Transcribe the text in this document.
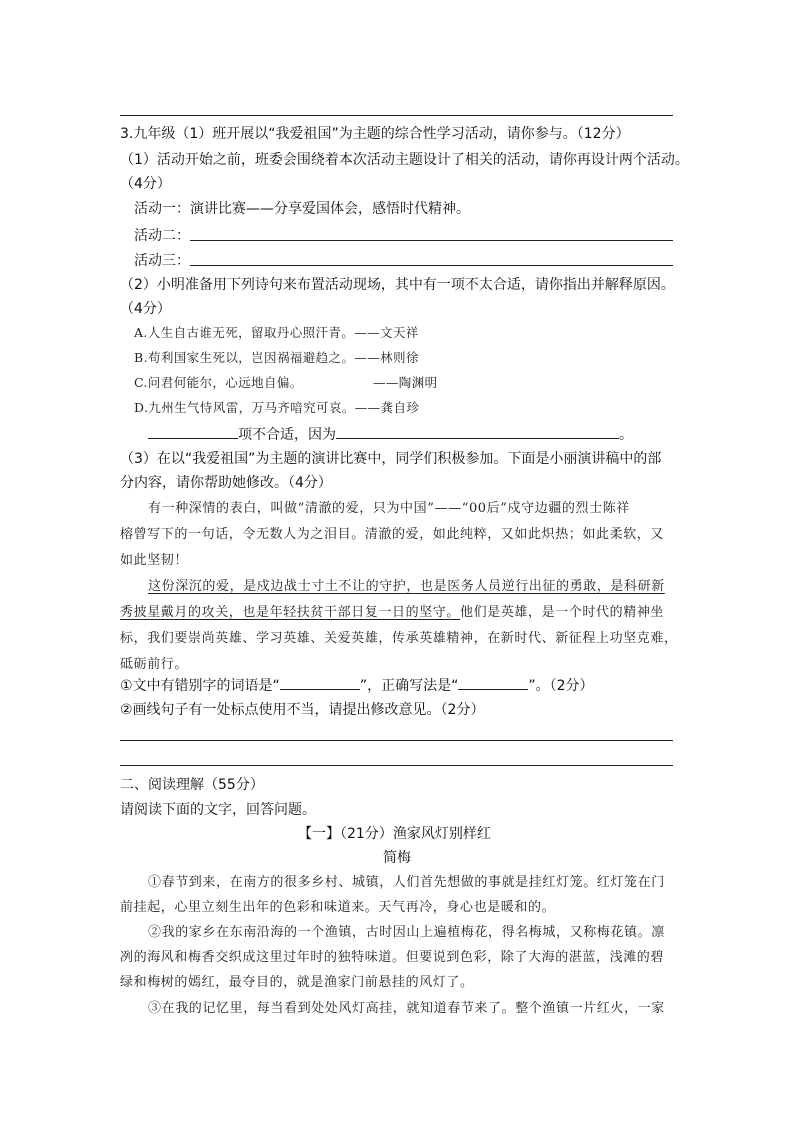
3.九年级（1）班开展以“我爱祖国”为主题的综合性学习活动，请你参与。（12分）
（1）活动开始之前，班委会围绕着本次活动主题设计了相关的活动，请你再设计两个活动。
（4分）
活动一：演讲比赛——分享爱国体会，感悟时代精神。
活动二：
活动三：
（2）小明准备用下列诗句来布置活动现场，其中有一项不太合适，请你指出并解释原因。
（4分）
A.人生自古谁无死，留取丹心照汗青。——文天祥
B.苟利国家生死以，岂因祸福避趋之。——林则徐
C.问君何能尔，心远地自偏。	——陶渊明
D.九州生气恃风雷，万马齐喑究可哀。——龚自珍
项不合适，因为	。
（3）在以“我爱祖国”为主题的演讲比赛中，同学们积极参加。下面是小丽演讲稿中的部
分内容，请你帮助她修改。（4分）
有一种深情的表白，叫做“清澈的爱，只为中国”——“00后”戍守边疆的烈士陈祥
榕曾写下的一句话，令无数人为之泪目。清澈的爱，如此纯粹，又如此炽热；如此柔软，又
如此坚韧！
这份深沉的爱，是戍边战士寸土不让的守护，也是医务人员逆行出征的勇敢，是科研新
秀披星戴月的攻关，也是年轻扶贫干部日复一日的坚守。他们是英雄，是一个时代的精神坐
标，我们要崇尚英雄、学习英雄、关爱英雄，传承英雄精神，在新时代、新征程上功坚克难，
砥砺前行。
①文中有错别字的词语是“	”，正确写法是“	”。（2分）
②画线句子有一处标点使用不当，请提出修改意见。（2分）
二、阅读理解（55分）
请阅读下面的文字，回答问题。
【一】（21分）渔家风灯别样红
简梅
①春节到来，在南方的很多乡村、城镇，人们首先想做的事就是挂红灯笼。红灯笼在门
前挂起，心里立刻生出年的色彩和味道来。天气再冷，身心也是暖和的。
②我的家乡在东南沿海的一个渔镇，古时因山上遍植梅花，得名梅城，又称梅花镇。凛
冽的海风和梅香交织成这里过年时的独特味道。但要说到色彩，除了大海的湛蓝，浅滩的碧
绿和梅树的嫣红，最夺目的，就是渔家门前悬挂的风灯了。
③在我的记忆里，每当看到处处风灯高挂，就知道春节来了。整个渔镇一片红火，一家
